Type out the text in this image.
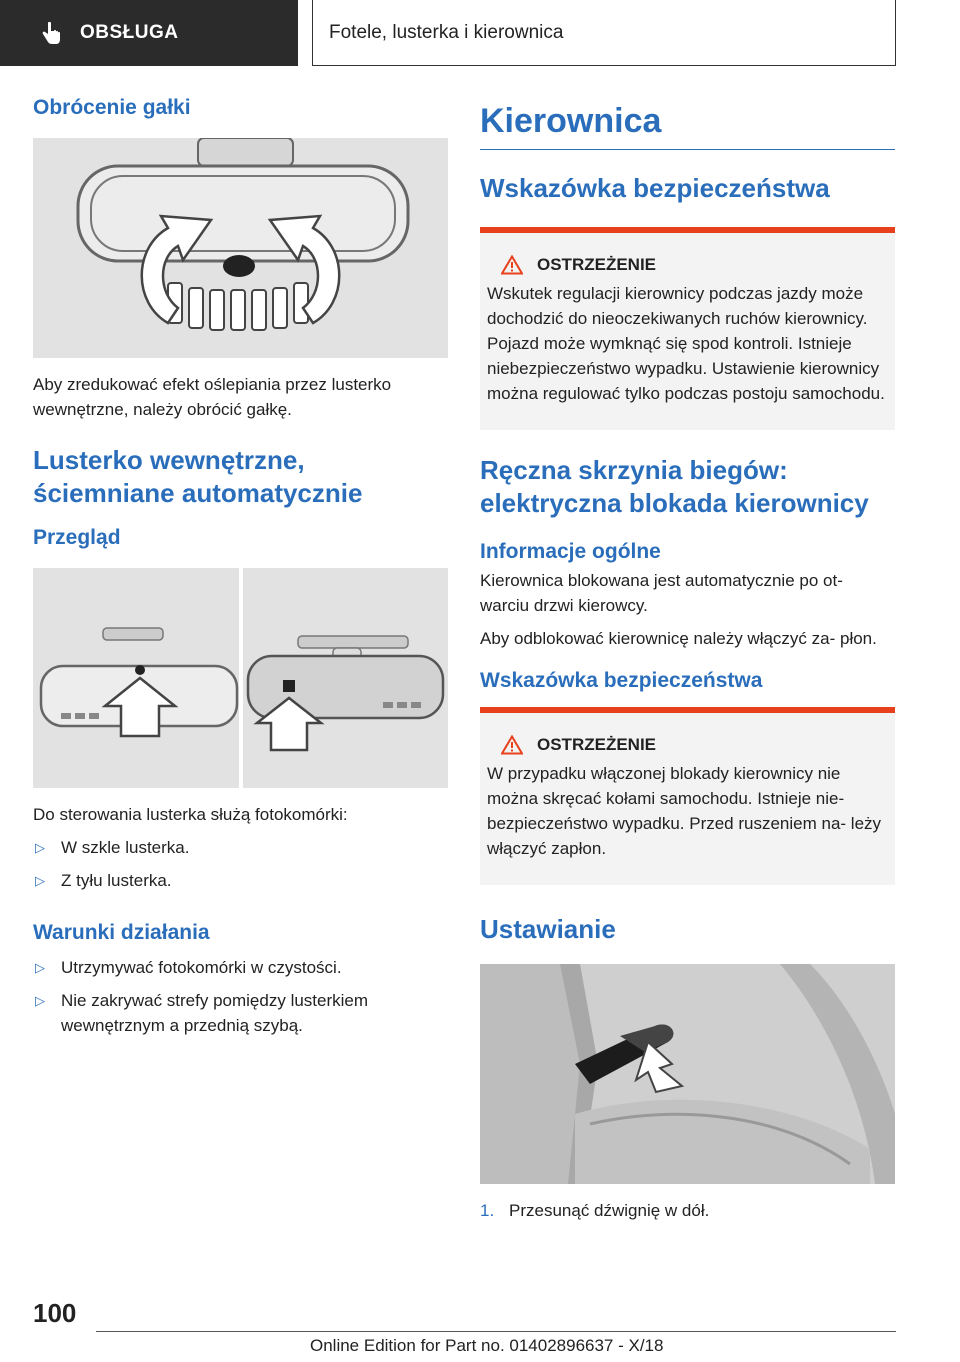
OBSŁUGA	Fotele, lusterka i kierownica
Obrócenie gałki

Aby zredukować efekt oślepiania przez lusterko wewnętrzne, należy obrócić gałkę.

Lusterko wewnętrzne, ściemniane automatycznie
Przegląd

Do sterowania lusterka służą fotokomórki:

▷ W szkle lusterka.
▷ Z tyłu lusterka.
Warunki działania
▷ Utrzymywać fotokomórki w czystości.
▷ Nie zakrywać strefy pomiędzy lusterkiem wewnętrznym a przednią szybą.
Kierownica
Wskazówka bezpieczeństwa
OSTRZEŻENIE

Wskutek regulacji kierownicy podczas jazdy może dochodzić do nieoczekiwanych ruchów kierownicy. Pojazd może wymknąć się spod kontroli. Istnieje niebezpieczeństwo wypadku. Ustawienie kierownicy można regulować tylko podczas postoju samochodu.

Ręczna skrzynia biegów: elektryczna blokada kierownicy
Informacje ogólne

Kierownica blokowana jest automatycznie po ot- warciu drzwi kierowcy.

Aby odblokować kierownicę należy włączyć za- płon.

Wskazówka bezpieczeństwa
OSTRZEŻENIE

W przypadku włączonej blokady kierownicy nie można skręcać kołami samochodu. Istnieje nie- bezpieczeństwo wypadku. Przed ruszeniem na- leży włączyć zapłon.

Ustawianie
1. Przesunąć dźwignię w dół.
100
Online Edition for Part no. 01402896637 - X/18
